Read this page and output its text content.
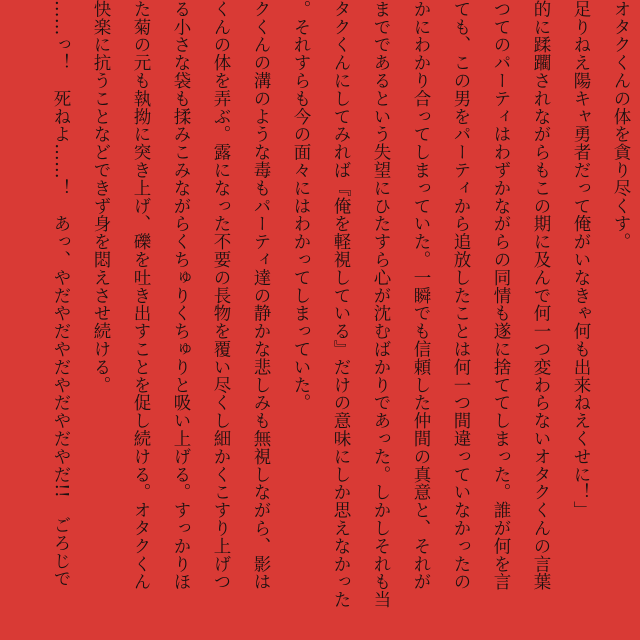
オタクくんの体を貪り尽くす。
足りねえ陽キャ勇者だって俺がいなきゃ何も出来ねえくせに！」
的に蹂躙されながらもこの期に及んで何一つ変わらないオタクくんの言葉
つてのパーティはわずかながらの同情も遂に捨ててしまった。誰が何を言
ても、この男をパーティから追放したことは何一つ間違っていなかったの
かにわかり合ってしまっていた。一瞬でも信頼した仲間の真意と、それが
までであるという失望にひたすら心が沈むばかりであった。しかしそれも当
タクくんにしてみれば『俺を軽視している』だけの意味にしか思えなかった
。それすらも今の面々にはわかってしまっていた。
クくんの溝のような毒もパーティ達の静かな悲しみも無視しながら、影は
くんの体を弄ぶ。露になった不要の長物を覆い尽くし細かくこすり上げつ
る小さな袋も揉みこみながらくちゅりくちゅりと吸い上げる。すっかりほ
た菊の元も執拗に突き上げ、礫を吐き出すことを促し続ける。オタクくん
快楽に抗うことなどできず身を悶えさせ続ける。
……っ！　死ねよ……！　あっ、やだやだやだやだやだやだ!!　ごろじで
